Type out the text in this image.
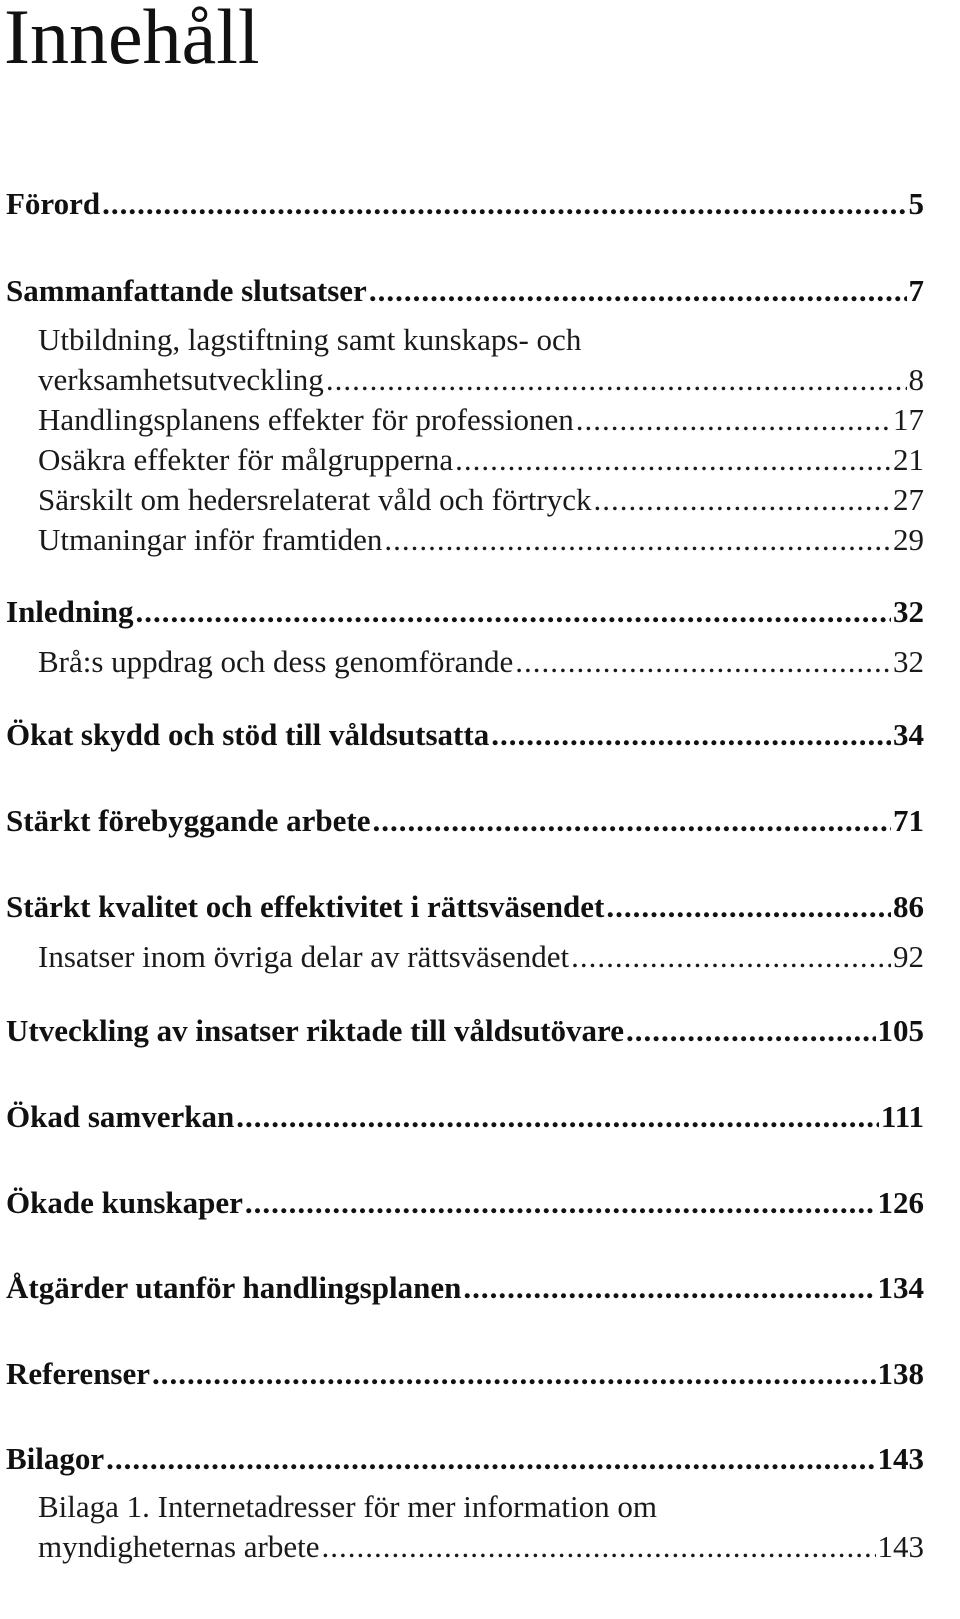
Innehåll
Förord .....	5
Sammanfattande slutsatser .....	7
Utbildning, lagstiftning samt kunskaps- och
verksamhetsutveckling .....	8
Handlingsplanens effekter för professionen .....	17
Osäkra effekter för målgrupperna .....	21
Särskilt om hedersrelaterat våld och förtryck .....	27
Utmaningar inför framtiden .....	29
Inledning .....	32
Brå:s uppdrag och dess genomförande .....	32
Ökat skydd och stöd till våldsutsatta .....	34
Stärkt förebyggande arbete .....	71
Stärkt kvalitet och effektivitet i rättsväsendet .....	86
Insatser inom övriga delar av rättsväsendet .....	92
Utveckling av insatser riktade till våldsutövare .....	105
Ökad samverkan .....	111
Ökade kunskaper .....	126
Åtgärder utanför handlingsplanen .....	134
Referenser .....	138
Bilagor .....	143
Bilaga 1. Internetadresser för mer information om
myndigheternas arbete .....	143
